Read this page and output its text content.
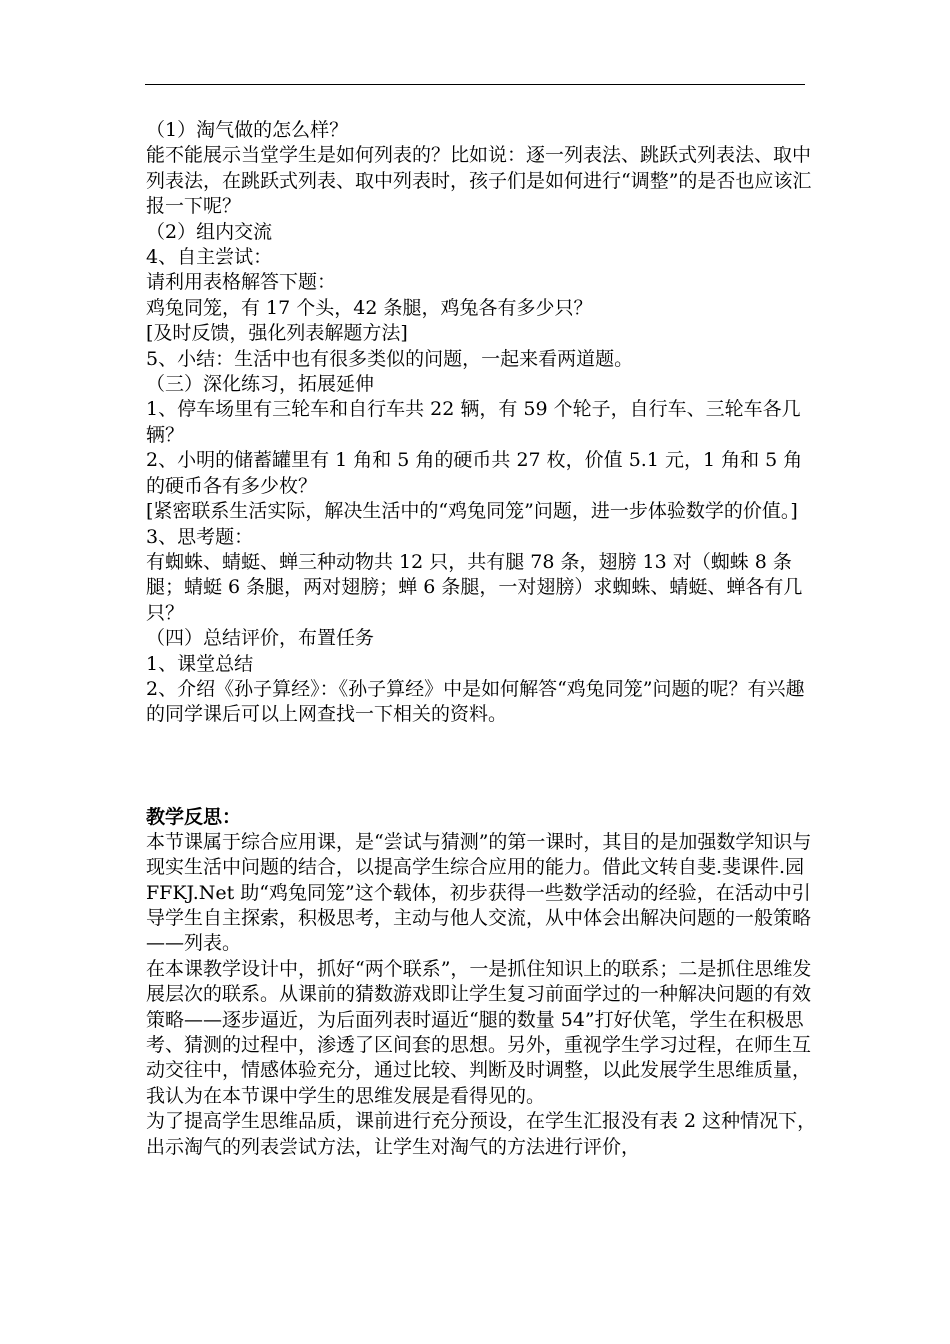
（1）淘气做的怎么样？

能不能展示当堂学生是如何列表的？比如说：逐一列表法、跳跃式列表法、取中列表法，在跳跃式列表、取中列表时，孩子们是如何进行“调整”的是否也应该汇报一下呢？

（2）组内交流

4、自主尝试：

请利用表格解答下题：

鸡兔同笼，有 17 个头，42 条腿，鸡兔各有多少只？

[及时反馈，强化列表解题方法]

5、小结：生活中也有很多类似的问题，一起来看两道题。

（三）深化练习，拓展延伸

1、停车场里有三轮车和自行车共 22 辆，有 59 个轮子，自行车、三轮车各几辆？

2、小明的储蓄罐里有 1 角和 5 角的硬币共 27 枚，价值 5.1 元，1 角和 5 角的硬币各有多少枚？

[紧密联系生活实际，解决生活中的“鸡兔同笼”问题，进一步体验数学的价值。]

3、思考题：

有蜘蛛、蜻蜓、蝉三种动物共 12 只，共有腿 78 条，翅膀 13 对（蜘蛛 8 条腿；蜻蜓 6 条腿，两对翅膀；蝉 6 条腿，一对翅膀）求蜘蛛、蜻蜓、蝉各有几只？

（四）总结评价，布置任务

1、课堂总结

2、介绍《孙子算经》：《孙子算经》中是如何解答“鸡兔同笼”问题的呢？有兴趣的同学课后可以上网查找一下相关的资料。

教学反思：

本节课属于综合应用课，是“尝试与猜测”的第一课时，其目的是加强数学知识与现实生活中问题的结合，以提高学生综合应用的能力。借此文转自斐.斐课件.园　FFKJ.Net 助“鸡兔同笼”这个载体，初步获得一些数学活动的经验，在活动中引导学生自主探索，积极思考，主动与他人交流，从中体会出解决问题的一般策略——列表。

在本课教学设计中，抓好“两个联系”，一是抓住知识上的联系；二是抓住思维发展层次的联系。从课前的猜数游戏即让学生复习前面学过的一种解决问题的有效策略——逐步逼近，为后面列表时逼近“腿的数量 54”打好伏笔，学生在积极思考、猜测的过程中，渗透了区间套的思想。另外，重视学生学习过程，在师生互动交往中，情感体验充分，通过比较、判断及时调整，以此发展学生思维质量，我认为在本节课中学生的思维发展是看得见的。

为了提高学生思维品质，课前进行充分预设，在学生汇报没有表 2 这种情况下，出示淘气的列表尝试方法，让学生对淘气的方法进行评价，
